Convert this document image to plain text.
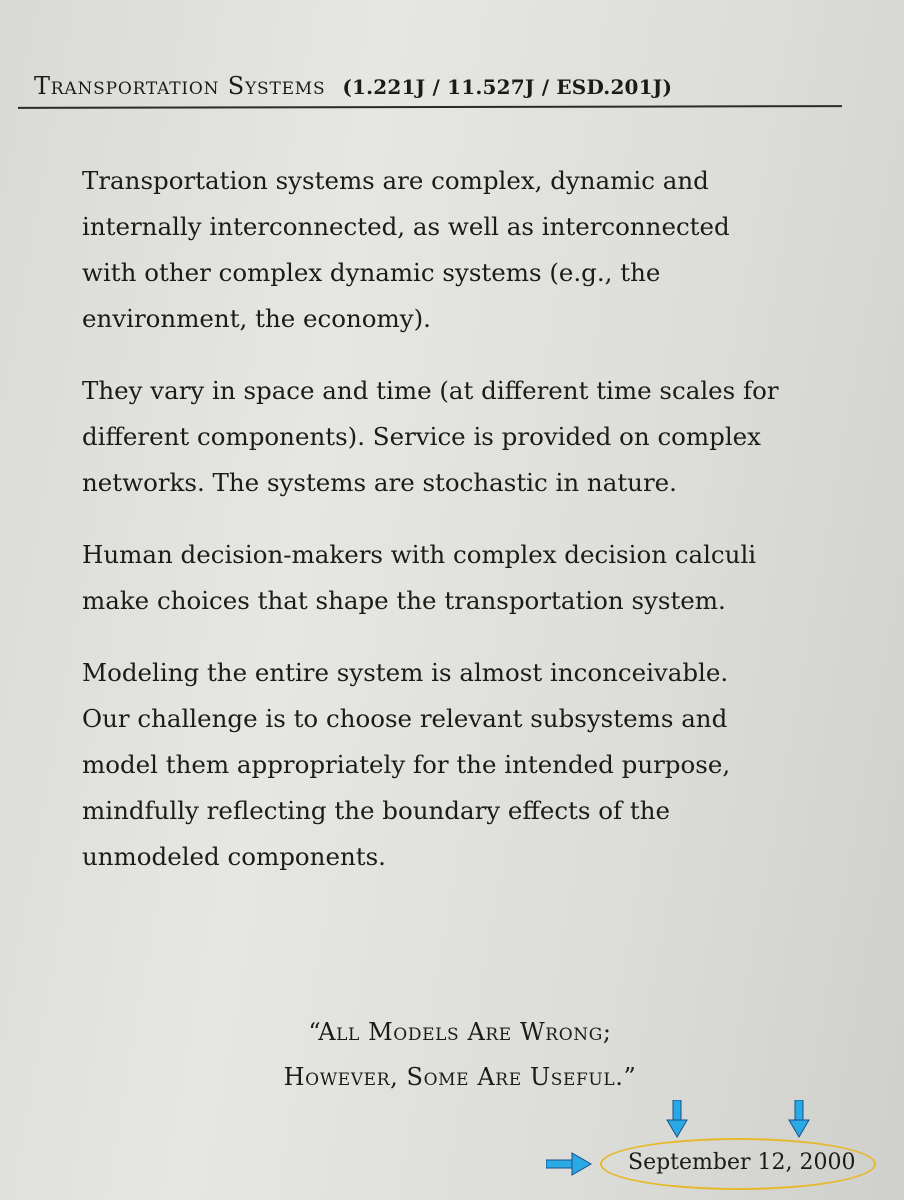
Transportation Systems (1.221J / 11.527J / ESD.201J)

Transportation systems are complex, dynamic and internally interconnected, as well as interconnected with other complex dynamic systems (e.g., the environment, the economy).

They vary in space and time (at different time scales for different components). Service is provided on complex networks. The systems are stochastic in nature.

Human decision-makers with complex decision calculi make choices that shape the transportation system.

Modeling the entire system is almost inconceivable. Our challenge is to choose relevant subsystems and model them appropriately for the intended purpose, mindfully reflecting the boundary effects of the unmodeled components.

“All Models Are Wrong;
However, Some Are Useful.”
September 12, 2000
